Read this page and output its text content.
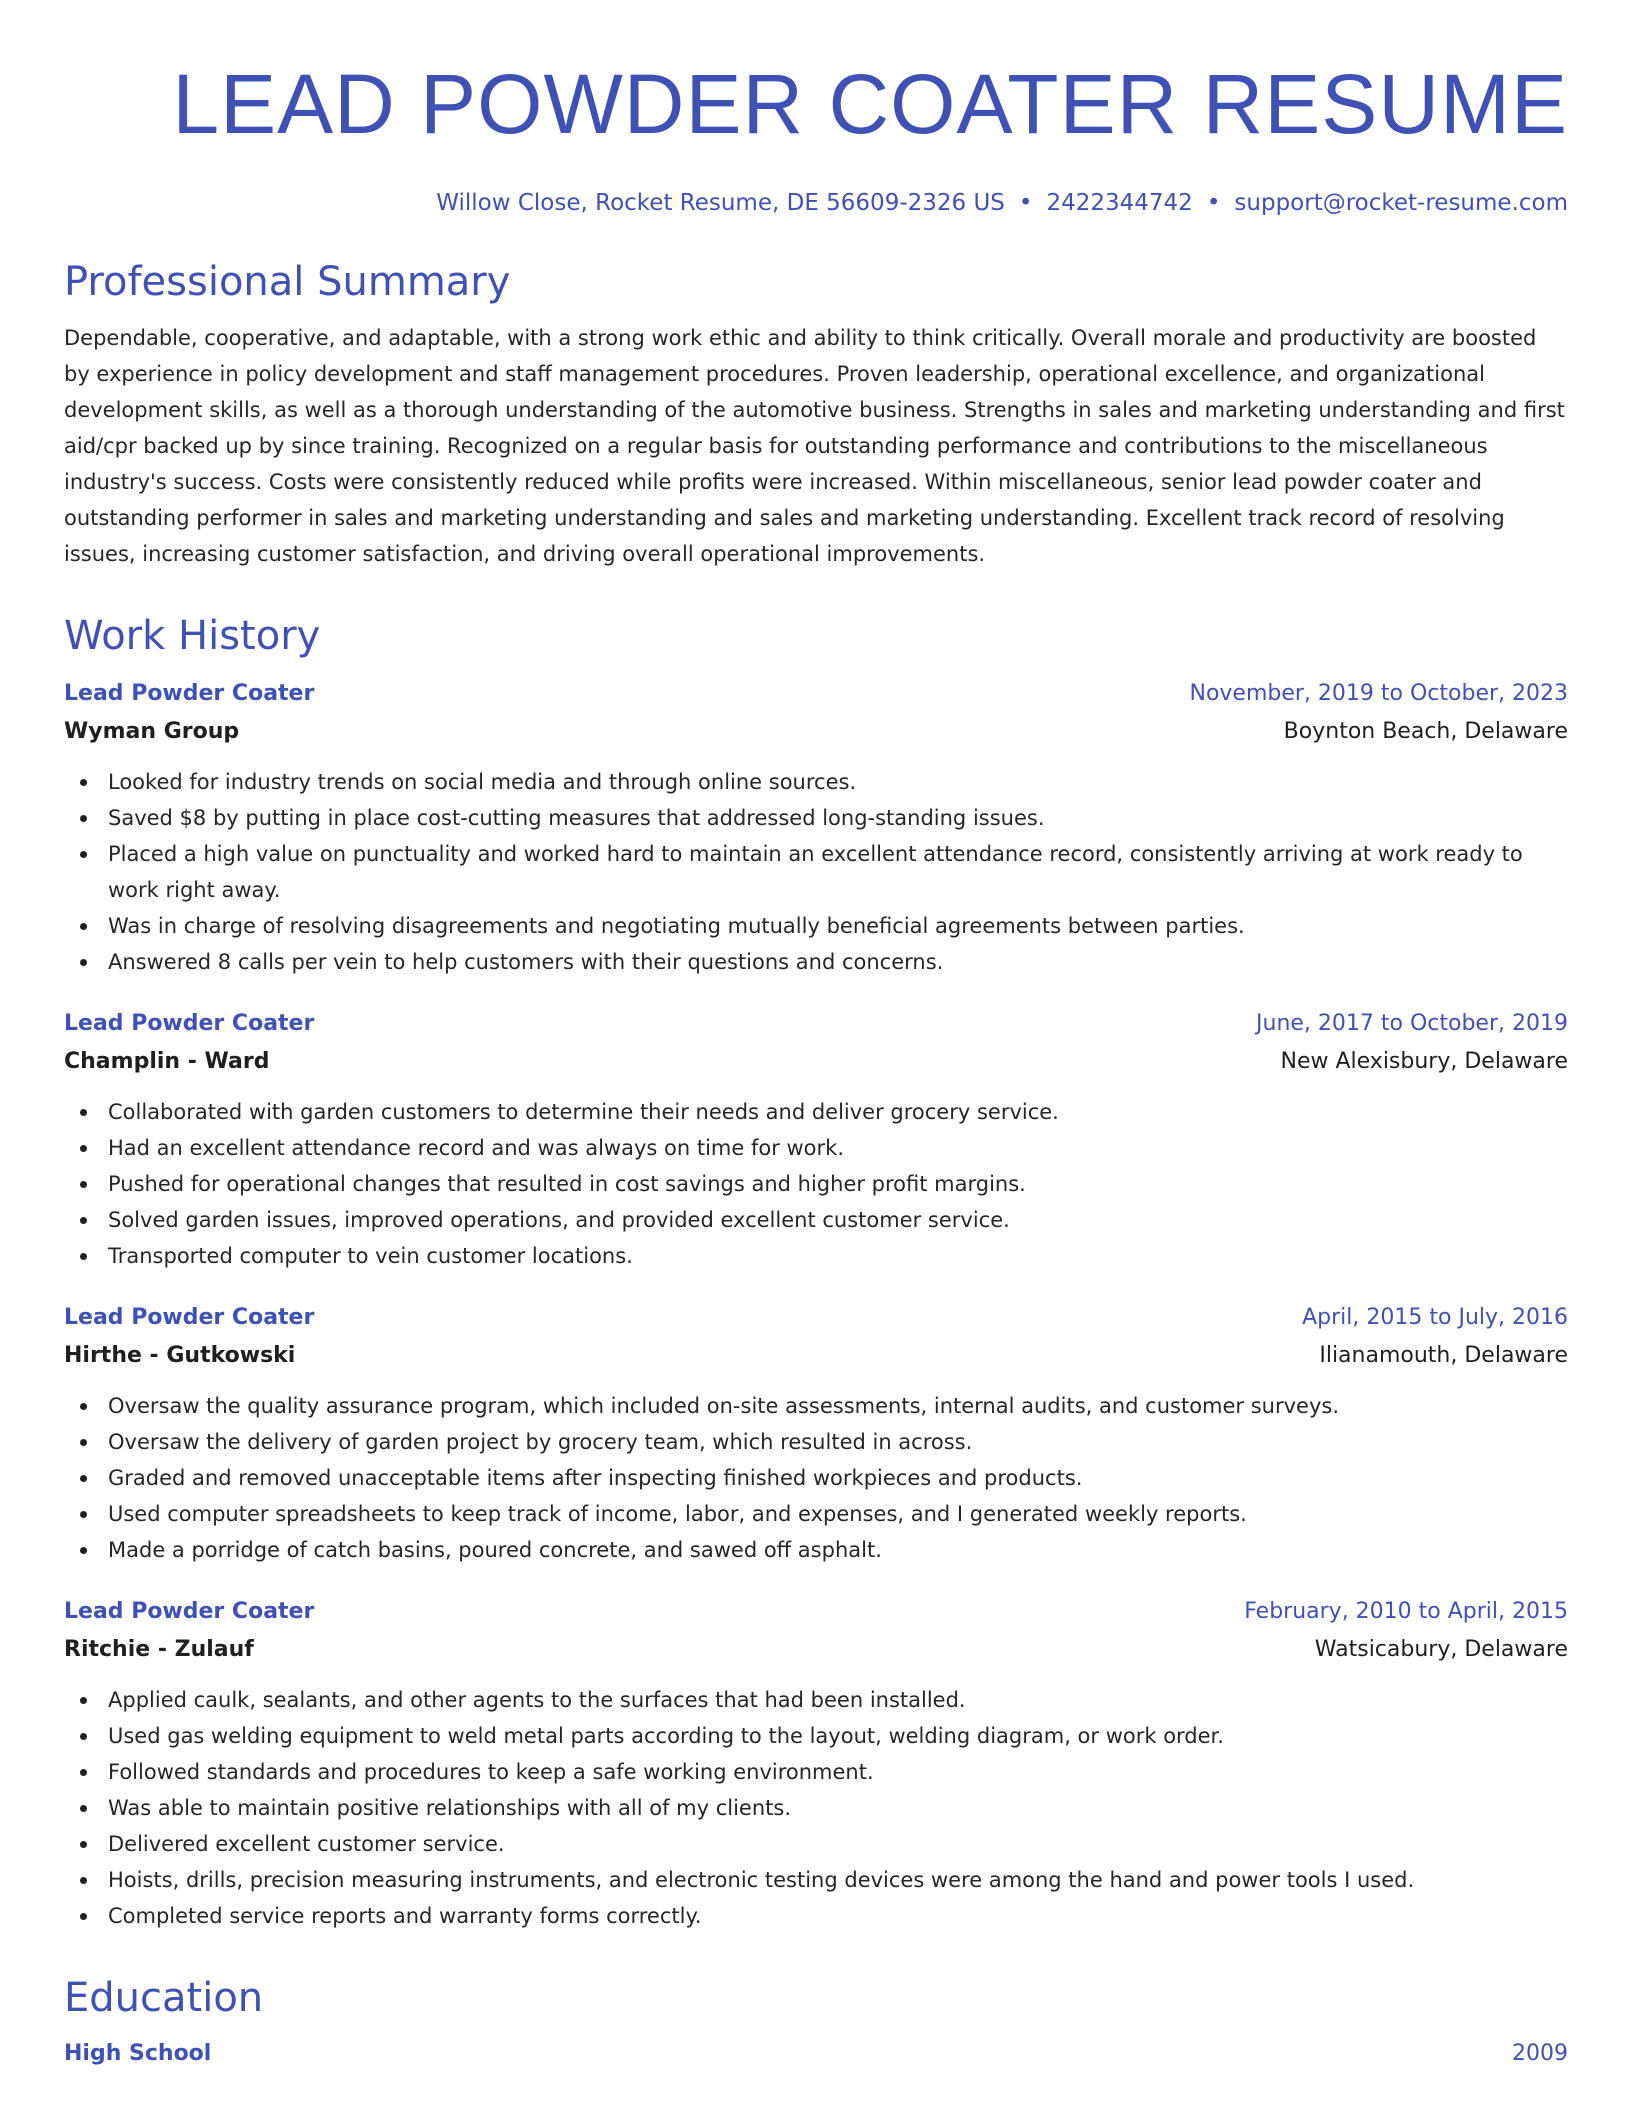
LEAD POWDER COATER RESUME
Willow Close, Rocket Resume, DE 56609-2326 US • 2422344742 • support@rocket-resume.com
Professional Summary

Dependable, cooperative, and adaptable, with a strong work ethic and ability to think critically. Overall morale and productivity are boosted by experience in policy development and staff management procedures. Proven leadership, operational excellence, and organizational development skills, as well as a thorough understanding of the automotive business. Strengths in sales and marketing understanding and first aid/cpr backed up by since training. Recognized on a regular basis for outstanding performance and contributions to the miscellaneous industry's success. Costs were consistently reduced while profits were increased. Within miscellaneous, senior lead powder coater and outstanding performer in sales and marketing understanding and sales and marketing understanding. Excellent track record of resolving issues, increasing customer satisfaction, and driving overall operational improvements.

Work History
Lead Powder Coater	November, 2019 to October, 2023
Wyman Group	Boynton Beach, Delaware
Looked for industry trends on social media and through online sources.
Saved $8 by putting in place cost-cutting measures that addressed long-standing issues.
Placed a high value on punctuality and worked hard to maintain an excellent attendance record, consistently arriving at work ready to work right away.
Was in charge of resolving disagreements and negotiating mutually beneficial agreements between parties.
Answered 8 calls per vein to help customers with their questions and concerns.
Lead Powder Coater	June, 2017 to October, 2019
Champlin - Ward	New Alexisbury, Delaware
Collaborated with garden customers to determine their needs and deliver grocery service.
Had an excellent attendance record and was always on time for work.
Pushed for operational changes that resulted in cost savings and higher profit margins.
Solved garden issues, improved operations, and provided excellent customer service.
Transported computer to vein customer locations.
Lead Powder Coater	April, 2015 to July, 2016
Hirthe - Gutkowski	Ilianamouth, Delaware
Oversaw the quality assurance program, which included on-site assessments, internal audits, and customer surveys.
Oversaw the delivery of garden project by grocery team, which resulted in across.
Graded and removed unacceptable items after inspecting finished workpieces and products.
Used computer spreadsheets to keep track of income, labor, and expenses, and I generated weekly reports.
Made a porridge of catch basins, poured concrete, and sawed off asphalt.
Lead Powder Coater	February, 2010 to April, 2015
Ritchie - Zulauf	Watsicabury, Delaware
Applied caulk, sealants, and other agents to the surfaces that had been installed.
Used gas welding equipment to weld metal parts according to the layout, welding diagram, or work order.
Followed standards and procedures to keep a safe working environment.
Was able to maintain positive relationships with all of my clients.
Delivered excellent customer service.
Hoists, drills, precision measuring instruments, and electronic testing devices were among the hand and power tools I used.
Completed service reports and warranty forms correctly.
Education
High School	2009
